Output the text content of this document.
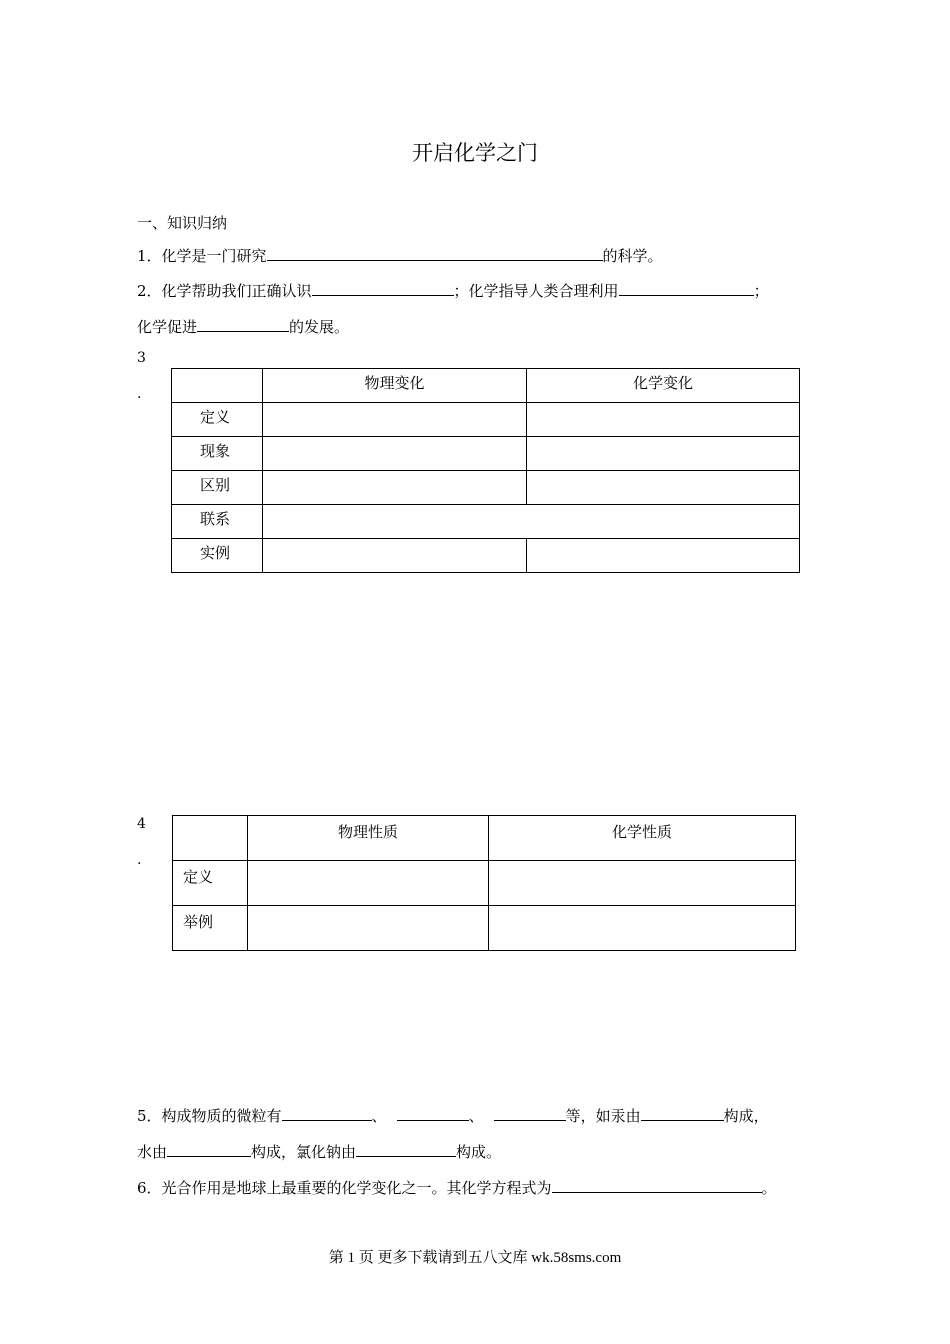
开启化学之门
一、知识归纳
1．化学是一门研究	的科学。
2．化学帮助我们正确认识	；化学指导人类合理利用	；
化学促进	的发展。
3
.
	物理变化	化学变化
定义		
现象		
区别		
联系		
实例		
4
.
	物理性质	化学性质
定义		
举例		
5．构成物质的微粒有	、	、	等，如汞由	构成，
水由	构成，氯化钠由	构成。
6．光合作用是地球上最重要的化学变化之一。其化学方程式为	。
第 1 页 更多下载请到五八文库 wk.58sms.com
